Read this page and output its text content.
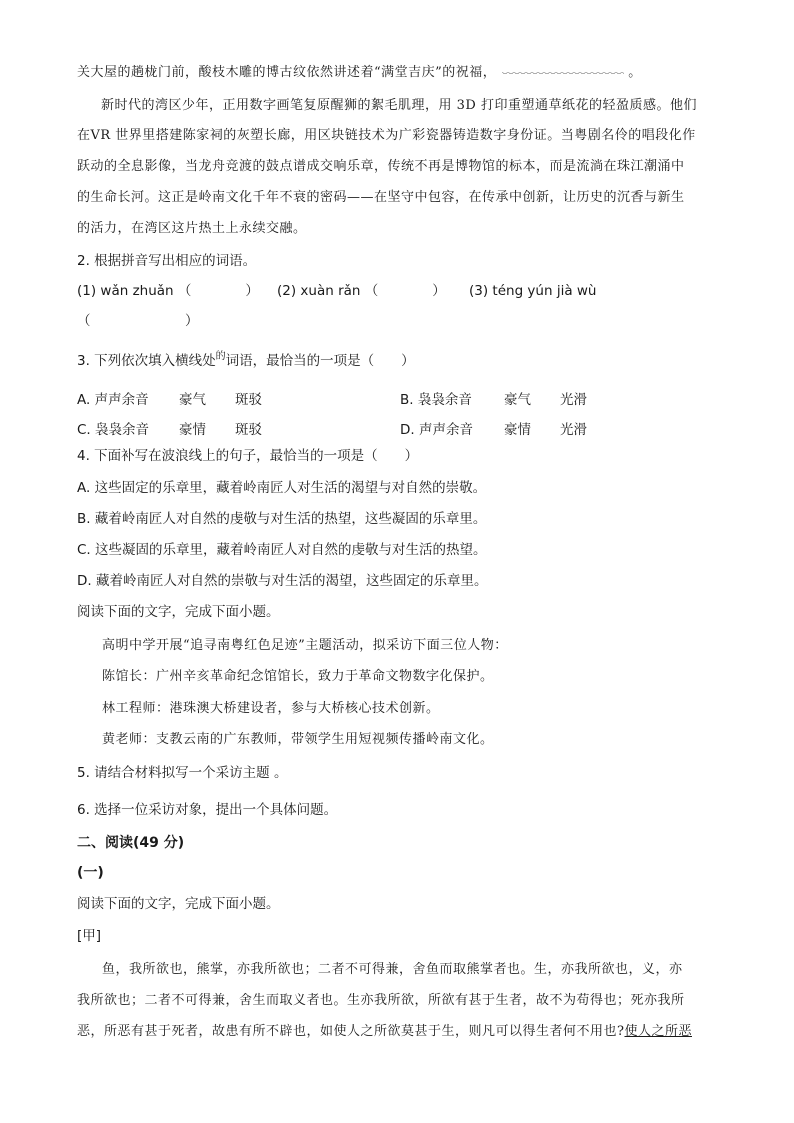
关大屋的趟栊门前，酸枝木雕的博古纹依然讲述着“满堂吉庆”的祝福，	。
新时代的湾区少年，正用数字画笔复原醒狮的絮毛肌理，用 3D 打印重塑通草纸花的轻盈质感。他们
在VR 世界里搭建陈家祠的灰塑长廊，用区块链技术为广彩瓷器铸造数字身份证。当粤剧名伶的唱段化作
跃动的全息影像，当龙舟竞渡的鼓点谱成交响乐章，传统不再是博物馆的标本，而是流淌在珠江潮涌中
的生命长河。这正是岭南文化千年不衰的密码——在坚守中包容，在传承中创新，让历史的沉香与新生
的活力，在湾区这片热土上永续交融。
2. 根据拼音写出相应的词语。
(1) wǎn zhuǎn （　　　　） (2) xuàn rǎn （　　　　） (3) téng yún jià wù
（　　　　　　　）
3. 下列依次填入横线处$^的$词语，最恰当的一项是（　　）
A. 声声余音 豪气 斑驳	B. 袅袅余音 豪气 光滑
C. 袅袅余音 豪情 斑驳	D. 声声余音 豪情 光滑
4. 下面补写在波浪线上的句子，最恰当的一项是（　　）
A. 这些固定的乐章里，藏着岭南匠人对生活的渴望与对自然的崇敬。
B. 藏着岭南匠人对自然的虔敬与对生活的热望，这些凝固的乐章里。
C. 这些凝固的乐章里，藏着岭南匠人对自然的虔敬与对生活的热望。
D. 藏着岭南匠人对自然的崇敬与对生活的渴望，这些固定的乐章里。
阅读下面的文字，完成下面小题。
高明中学开展“追寻南粤红色足迹”主题活动，拟采访下面三位人物：
陈馆长：广州辛亥革命纪念馆馆长，致力于革命文物数字化保护。
林工程师：港珠澳大桥建设者，参与大桥核心技术创新。
黄老师：支教云南的广东教师，带领学生用短视频传播岭南文化。
5. 请结合材料拟写一个采访主题 。
6. 选择一位采访对象，提出一个具体问题。
二、阅读(49 分)
(一)
阅读下面的文字，完成下面小题。
[甲]
鱼，我所欲也，熊掌，亦我所欲也；二者不可得兼，舍鱼而取熊掌者也。生，亦我所欲也，义，亦
我所欲也；二者不可得兼，舍生而取义者也。生亦我所欲，所欲有甚于生者，故不为苟得也；死亦我所
恶，所恶有甚于死者，故患有所不辟也，如使人之所欲莫甚于生，则凡可以得生者何不用也?使人之所恶
